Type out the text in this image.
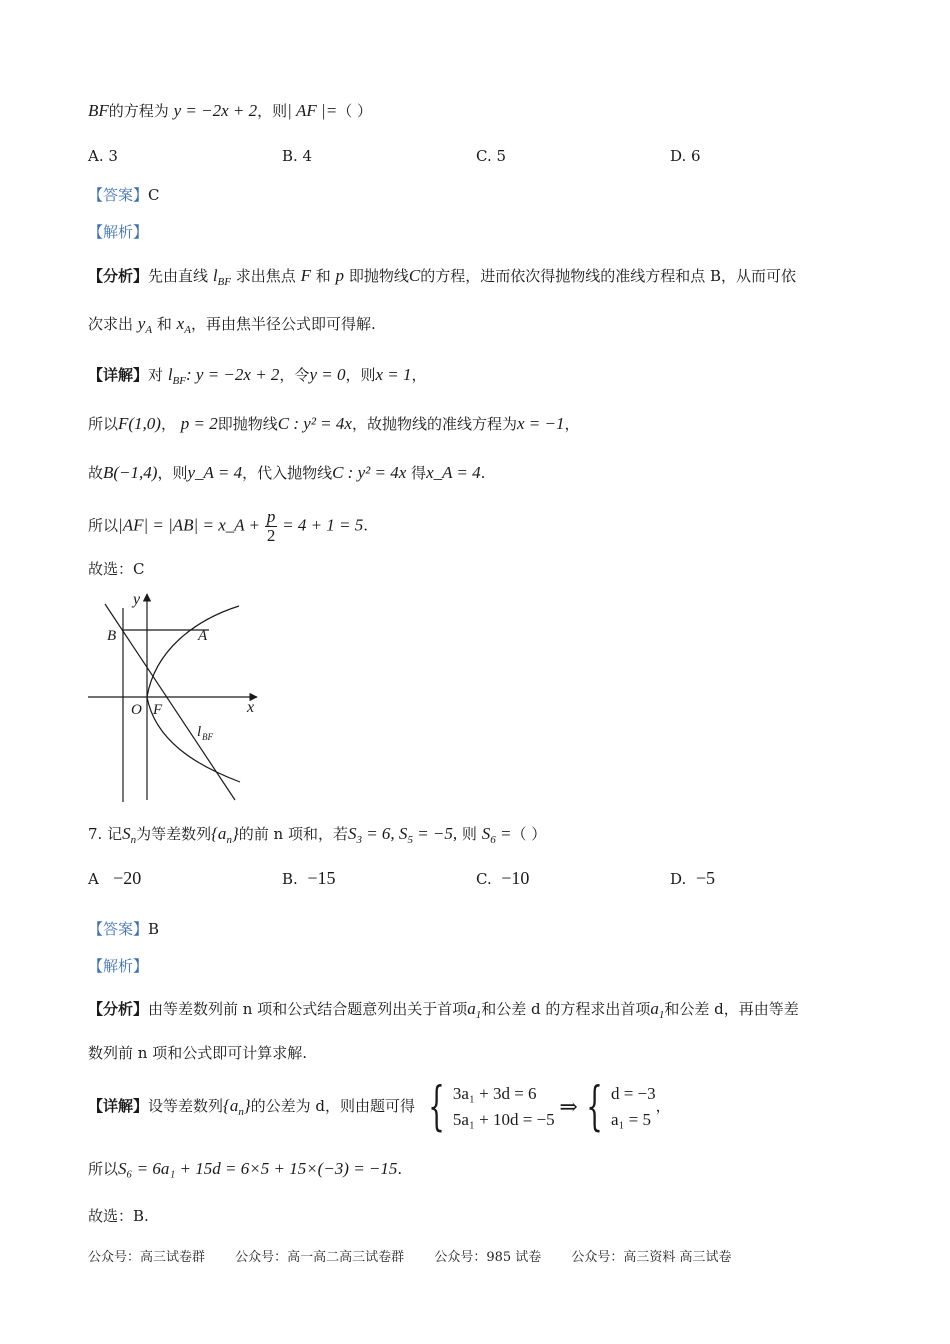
BF的方程为 y = −2x + 2，则| AF |=（ ）
A. 3	B. 4	C. 5	D. 6
【答案】C
【解析】
【分析】先由直线 $l_{BF}$ 求出焦点 F 和 p 即抛物线C的方程，进而依次得抛物线的准线方程和点 B，从而可依
次求出 $y_A$ 和 $x_A$，再由焦半径公式即可得解.
【详解】对 $l_{BF}$: y = −2x + 2，令y = 0，则x = 1，
所以F(1,0)， p = 2即抛物线C : y² = 4x，故抛物线的准线方程为x = −1，
故B(−1,4)，则y_A = 4，代入抛物线C : y² = 4x 得x_A = 4.
所以|AF| = |AB| = x_A + $\frac{p}{2} = 4 + 1 = 5$.
故选：C
y
x
B	A
O F
l BF
7. 记$S_n$为等差数列$\{a_n\}$的前 n 项和，若$S_3 = 6$, $S_5 = -5$, 则 $S_6$ =（ ）
A −20	B. −15	C. −10	D. −5
【答案】B
【解析】
【分析】由等差数列前 n 项和公式结合题意列出关于首项$a_1$和公差 d 的方程求出首项$a_1$和公差 d，再由等差
数列前 n 项和公式即可计算求解.
【详解】设等差数列$\{a_n\}$的公差为 d，则由题可得 { 3a₁ + 3d = 6
5a₁ + 10d = −5
⇒ { d = −3
a₁ = 5
，
所以S₆ = 6a₁ + 15d = 6×5 + 15×(−3) = −15.
故选：B.
公众号：高三试卷群 公众号：高一高二高三试卷群 公众号：985 试卷 公众号：高三资料 高三试卷
